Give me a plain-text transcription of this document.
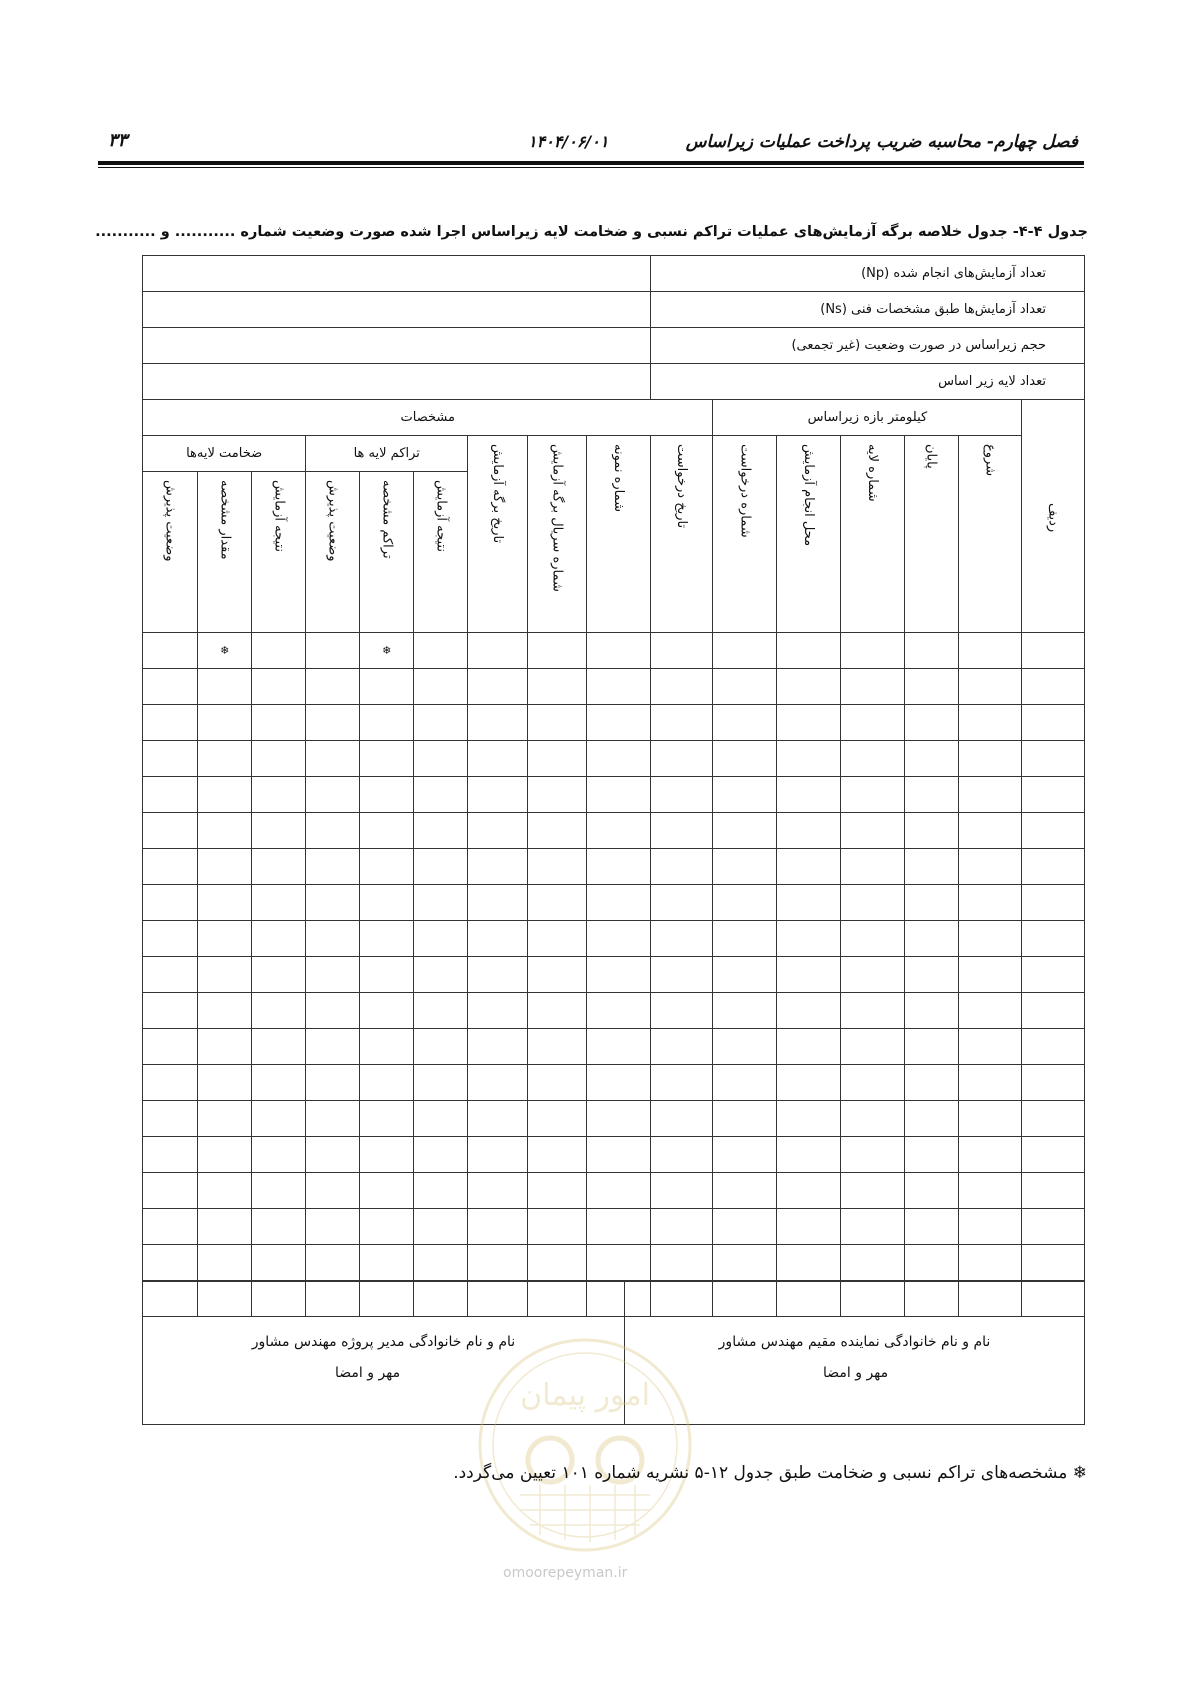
۳۳	۱۴۰۴/۰۶/۰۱	فصل چهارم- محاسبه ضریب پرداخت عملیات زیراساس
جدول ۴-۴- جدول خلاصه برگه آزمایش‌های عملیات تراکم نسبی و ضخامت لایه زیراساس اجرا شده صورت وضعیت شماره ........... و ...........
تعداد آزمایش‌های انجام شده (Np)															
تعداد آزمایش‌ها طبق مشخصات فنی (Ns)															
حجم زیراساس در صورت وضعیت (غیر تجمعی)															
تعداد لایه زیر اساس															
ردیف	کیلومتر بازه زیراساس					مشخصات									
	شروع	پایان	شماره لایه	محل انجام آزمایش	شماره درخواست	تاریخ درخواست	شماره نمونه	شماره سریال برگه آزمایش	تاریخ برگه آزمایش	تراکم لایه ها			ضخامت لایه‌ها		
										نتیجه آزمایش	تراکم مشخصه	وضعیت پذیرش	نتیجه آزمایش	مقدار مشخصه	وضعیت پذیرش
											❄			❄	

نام و نام خانوادگی مدیر پروژه مهندس مشاور
مهر و امضا
نام و نام خانوادگی نماینده مقیم مهندس مشاور
مهر و امضا
امور پیمان
omoorepeyman.ir
❄ مشخصه‌های تراکم نسبی و ضخامت طبق جدول ۱۲-۵ نشریه شماره ۱۰۱ تعیین می‌گردد.
